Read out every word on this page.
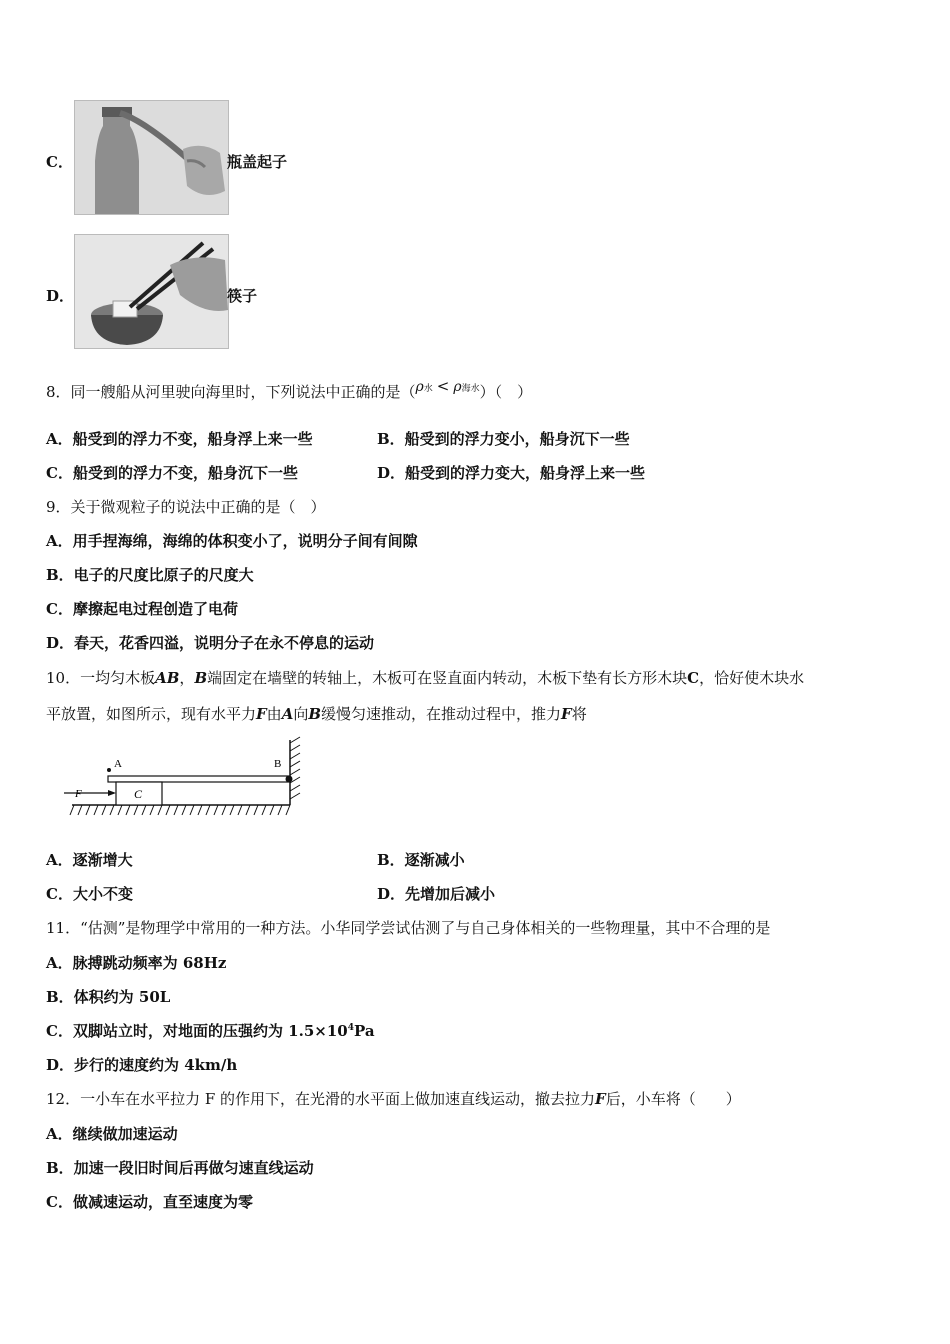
C．	瓶盖起子
D．	筷子
8．同一艘船从河里驶向海里时，下列说法中正确的是（ρ水 < ρ海水）（　）
A．船受到的浮力不变，船身浮上来一些	B．船受到的浮力变小，船身沉下一些
C．船受到的浮力不变，船身沉下一些	D．船受到的浮力变大，船身浮上来一些
9．关于微观粒子的说法中正确的是（　）
A．用手捏海绵，海绵的体积变小了，说明分子间有间隙
B．电子的尺度比原子的尺度大
C．摩擦起电过程创造了电荷
D．春天，花香四溢，说明分子在永不停息的运动
10．一均匀木板AB，B端固定在墙壁的转轴上，木板可在竖直面内转动，木板下垫有长方形木块C，恰好使木块水
平放置，如图所示，现有水平力F由A向B缓慢匀速推动，在推动过程中，推力F将
C
A	B
F
A．逐渐增大	B．逐渐减小
C．大小不变	D．先增加后减小
11．“估测”是物理学中常用的一种方法。小华同学尝试估测了与自己身体相关的一些物理量，其中不合理的是
A．脉搏跳动频率为 68Hz
B．体积约为 50L
C．双脚站立时，对地面的压强约为 $1.5\times 10^4Pa$
D．步行的速度约为 4km/h
12．一小车在水平拉力 F 的作用下，在光滑的水平面上做加速直线运动，撤去拉力F后，小车将（　　）
A．继续做加速运动
B．加速一段旧时间后再做匀速直线运动
C．做减速运动，直至速度为零
